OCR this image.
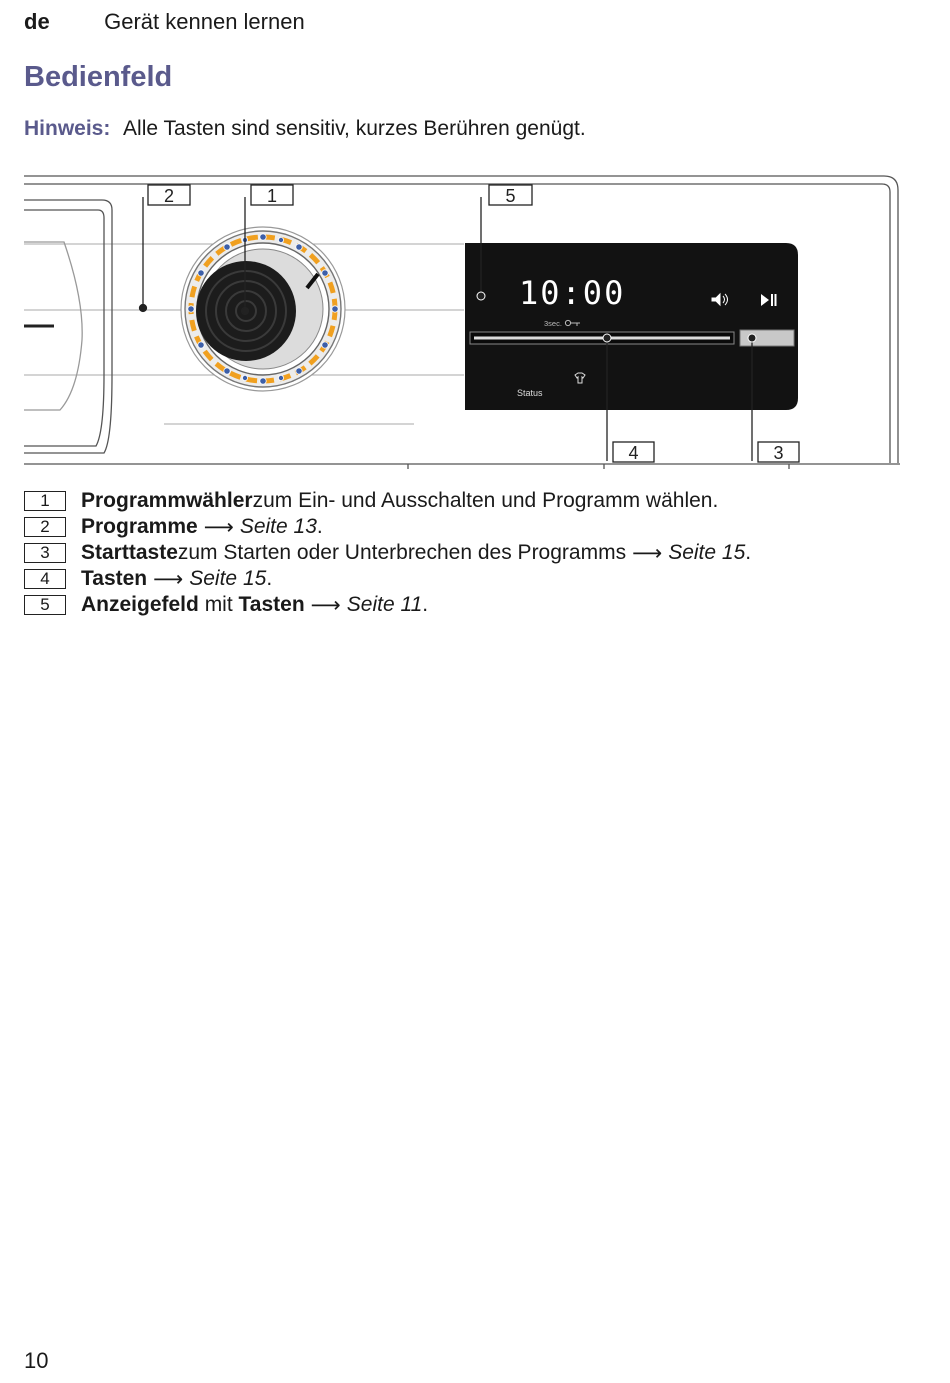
de Gerät kennen lernen
Bedienfeld
Hinweis: Alle Tasten sind sensitiv, kurzes Berühren genügt.
10:00
3sec.
Status
2	1	5
4	3
1	Programmwähler zum Ein- und Ausschalten und Programm wählen.
2	Programme ⟶ Seite 13 .
3	Starttaste zum Starten oder Unterbrechen des Programms ⟶ Seite 15 .
4	Tasten ⟶ Seite 15 .
5	Anzeigefeld mit Tasten ⟶ Seite 11 .
10
